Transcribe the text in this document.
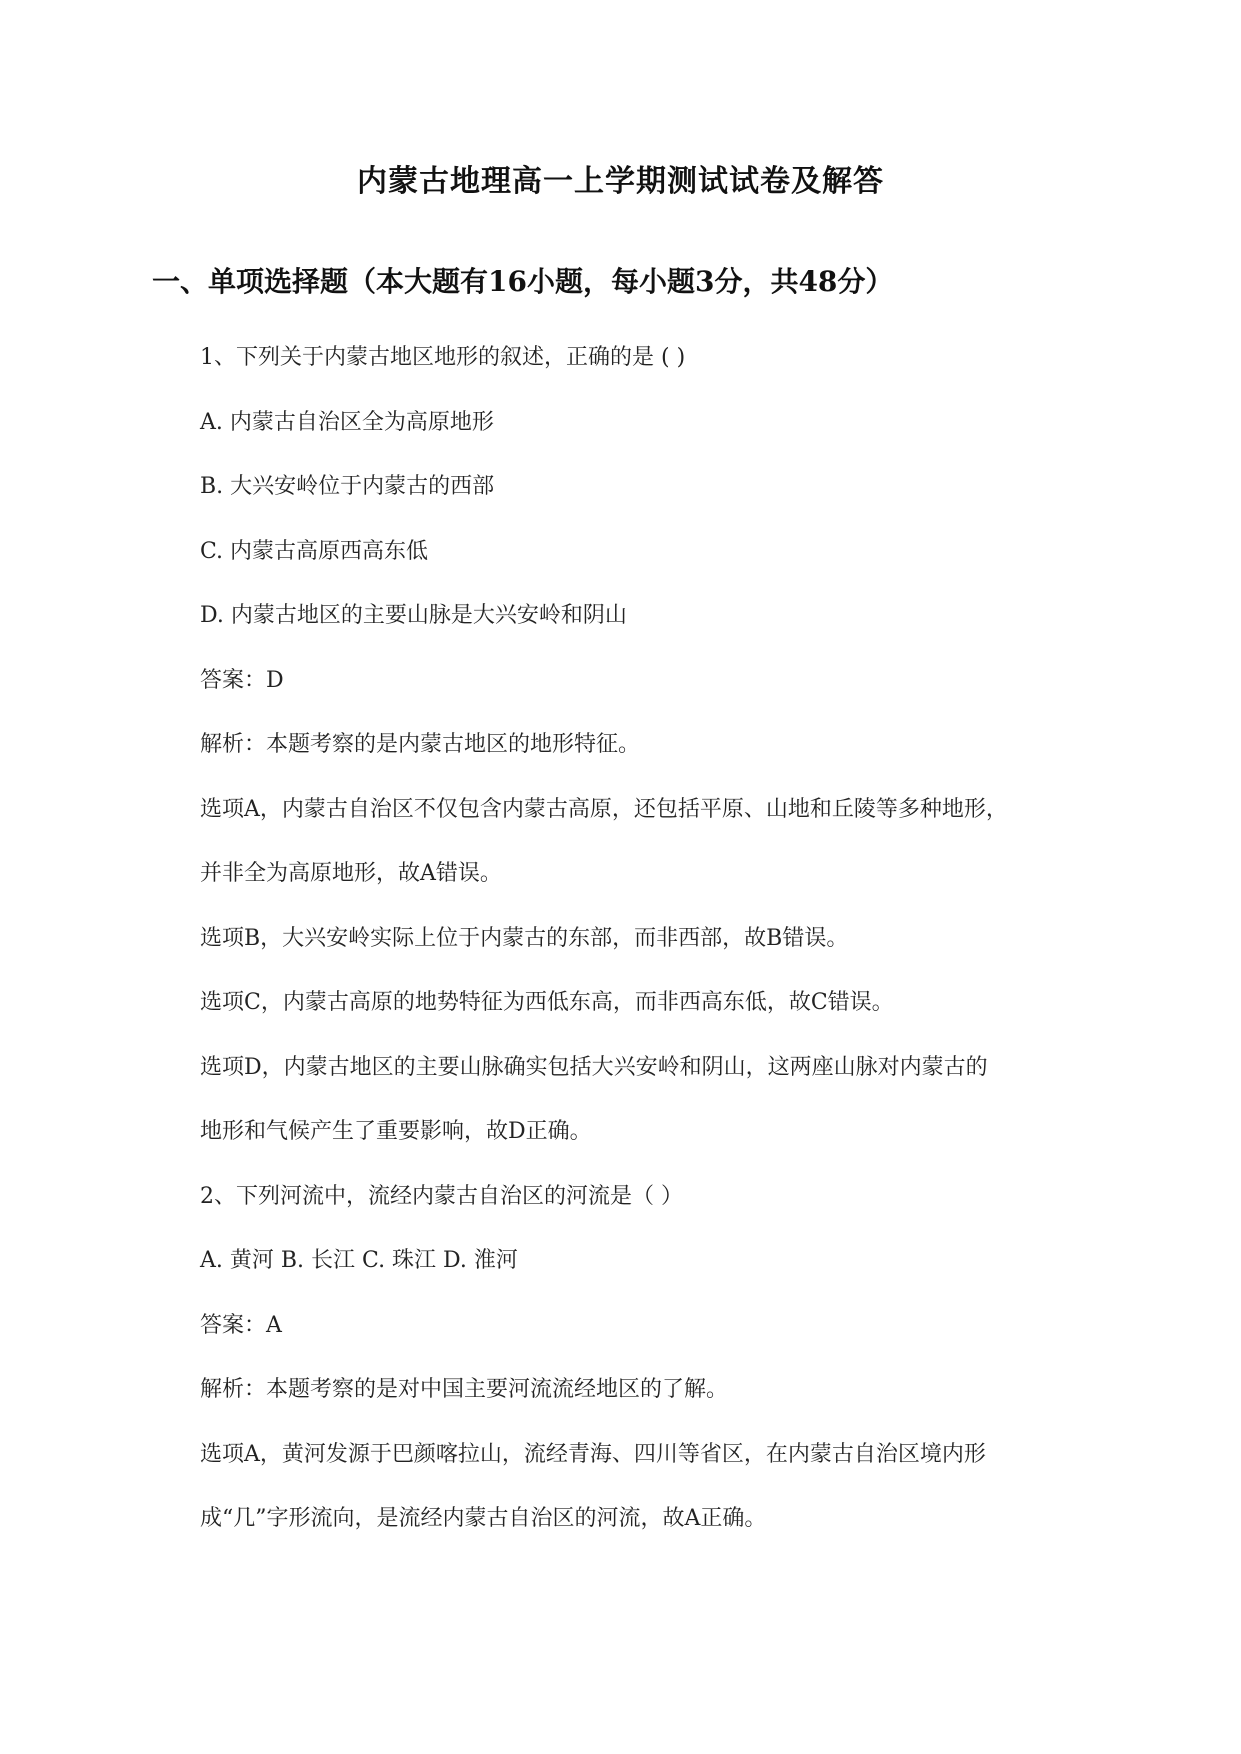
内蒙古地理高一上学期测试试卷及解答
一、单项选择题（本大题有16小题，每小题3分，共48分）
1、下列关于内蒙古地区地形的叙述，正确的是 ( )
A. 内蒙古自治区全为高原地形
B. 大兴安岭位于内蒙古的西部
C. 内蒙古高原西高东低
D. 内蒙古地区的主要山脉是大兴安岭和阴山
答案：D
解析：本题考察的是内蒙古地区的地形特征。
选项A，内蒙古自治区不仅包含内蒙古高原，还包括平原、山地和丘陵等多种地形，
并非全为高原地形，故A错误。
选项B，大兴安岭实际上位于内蒙古的东部，而非西部，故B错误。
选项C，内蒙古高原的地势特征为西低东高，而非西高东低，故C错误。
选项D，内蒙古地区的主要山脉确实包括大兴安岭和阴山，这两座山脉对内蒙古的
地形和气候产生了重要影响，故D正确。
2、下列河流中，流经内蒙古自治区的河流是（ ）
A. 黄河 B. 长江 C. 珠江 D. 淮河
答案：A
解析：本题考察的是对中国主要河流流经地区的了解。
选项A，黄河发源于巴颜喀拉山，流经青海、四川等省区，在内蒙古自治区境内形
成“几”字形流向，是流经内蒙古自治区的河流，故A正确。
